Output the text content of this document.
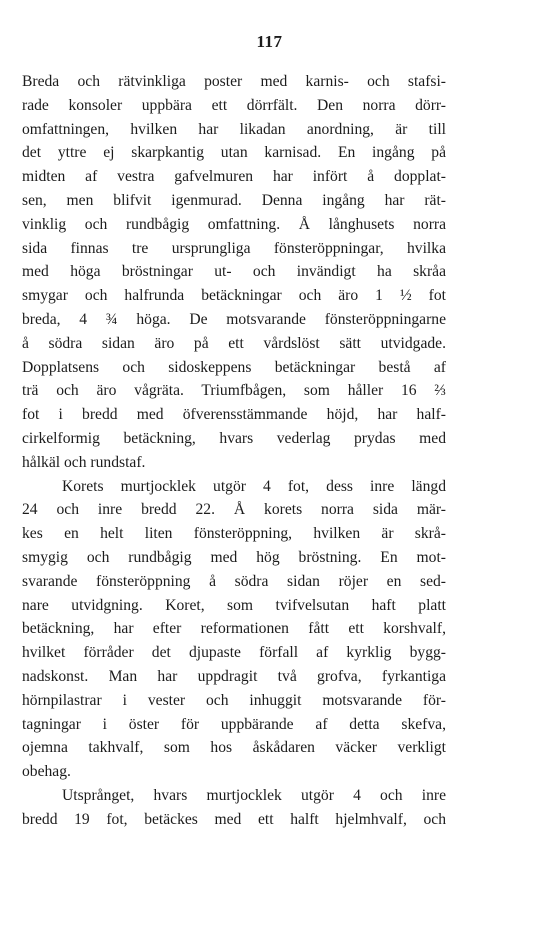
117
Breda och rätvinkliga poster med karnis- och stafsi-
rade konsoler uppbära ett dörrfält. Den norra dörr-
omfattningen, hvilken har likadan anordning, är till
det yttre ej skarpkantig utan karnisad. En ingång på
midten af vestra gafvelmuren har infört å dopplat-
sen, men blifvit igenmurad. Denna ingång har rät-
vinklig och rundbågig omfattning. Å långhusets norra
sida finnas tre ursprungliga fönsteröppningar, hvilka
med höga bröstningar ut- och invändigt ha skråa
smygar och halfrunda betäckningar och äro 1 ½ fot
breda, 4 ¾ höga. De motsvarande fönsteröppningarne
å södra sidan äro på ett vårdslöst sätt utvidgade.
Dopplatsens och sidoskeppens betäckningar bestå af
trä och äro vågräta. Triumfbågen, som håller 16 ⅔
fot i bredd med öfverensstämmande höjd, har half-
cirkelformig betäckning, hvars vederlag prydas med
hålkäl och rundstaf.
Korets murtjocklek utgör 4 fot, dess inre längd
24 och inre bredd 22. Å korets norra sida mär-
kes en helt liten fönsteröppning, hvilken är skrå-
smygig och rundbågig med hög bröstning. En mot-
svarande fönsteröppning å södra sidan röjer en sed-
nare utvidgning. Koret, som tvifvelsutan haft platt
betäckning, har efter reformationen fått ett korshvalf,
hvilket förråder det djupaste förfall af kyrklig bygg-
nadskonst. Man har uppdragit två grofva, fyrkantiga
hörnpilastrar i vester och inhuggit motsvarande för-
tagningar i öster för uppbärande af detta skefva,
ojemna takhvalf, som hos åskådaren väcker verkligt
obehag.
Utsprånget, hvars murtjocklek utgör 4 och inre
bredd 19 fot, betäckes med ett halft hjelmhvalf, och
